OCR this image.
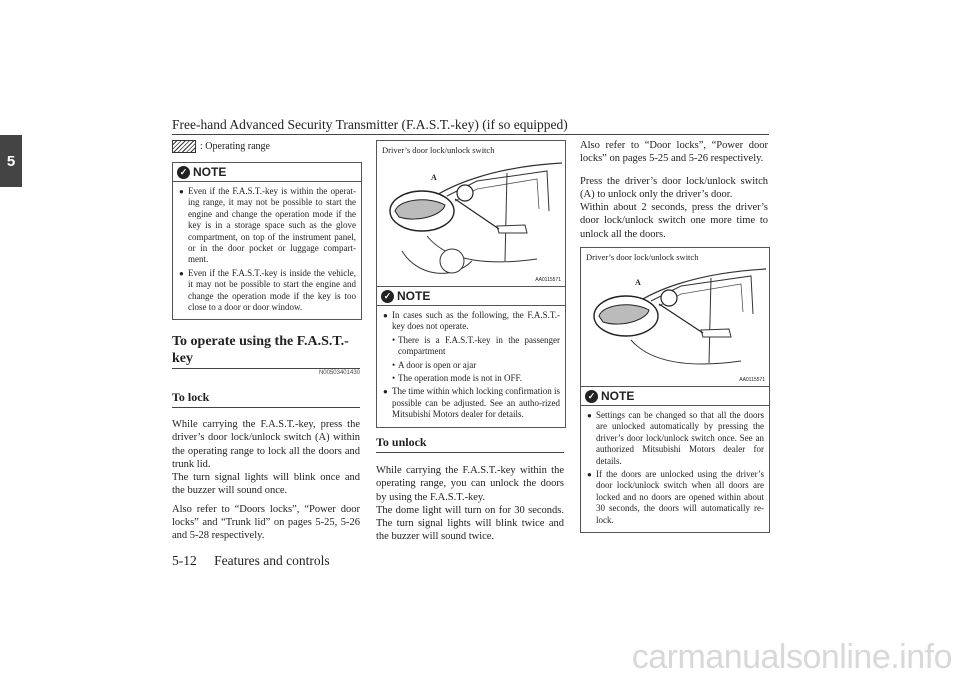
Free-hand Advanced Security Transmitter (F.A.S.T.-key) (if so equipped)
5
: Operating range
✓ NOTE
● Even if the F.A.S.T.-key is within the operat-ing range, it may not be possible to start the engine and change the operation mode if the key is in a storage space such as the glove compartment, on top of the instrument panel, or in the door pocket or luggage compart-ment.
● Even if the F.A.S.T.-key is inside the vehicle, it may not be possible to start the engine and change the operation mode if the key is too close to a door or door window.
To operate using the F.A.S.T.-key
N00503401430
To lock

While carrying the F.A.S.T.-key, press the driver’s door lock/unlock switch (A) within the operating range to lock all the doors and trunk lid.

The turn signal lights will blink once and the buzzer will sound once.

Also refer to “Doors locks”, “Power door locks” and “Trunk lid” on pages 5-25, 5-26 and 5-28 respectively.

Driver’s door lock/unlock switch
A
AA0115571
✓ NOTE
● In cases such as the following, the F.A.S.T.-key does not operate.
• There is a F.A.S.T.-key in the passenger compartment
• A door is open or ajar
• The operation mode is not in OFF.
● The time within which locking confirmation is possible can be adjusted. See an autho-rized Mitsubishi Motors dealer for details.
To unlock

While carrying the F.A.S.T.-key within the operating range, you can unlock the doors by using the F.A.S.T.-key.

The dome light will turn on for 30 seconds. The turn signal lights will blink twice and the buzzer will sound twice.

Also refer to “Door locks”, “Power door locks” on pages 5-25 and 5-26 respectively.

Press the driver’s door lock/unlock switch (A) to unlock only the driver’s door.

Within about 2 seconds, press the driver’s door lock/unlock switch one more time to unlock all the doors.

Driver’s door lock/unlock switch
A
AA0115571
✓ NOTE
● Settings can be changed so that all the doors are unlocked automatically by pressing the driver’s door lock/unlock switch once. See an authorized Mitsubishi Motors dealer for details.
● If the doors are unlocked using the driver’s door lock/unlock switch when all doors are locked and no doors are opened within about 30 seconds, the doors will automatically re-lock.
5-12 Features and controls
carmanualsonline.info
